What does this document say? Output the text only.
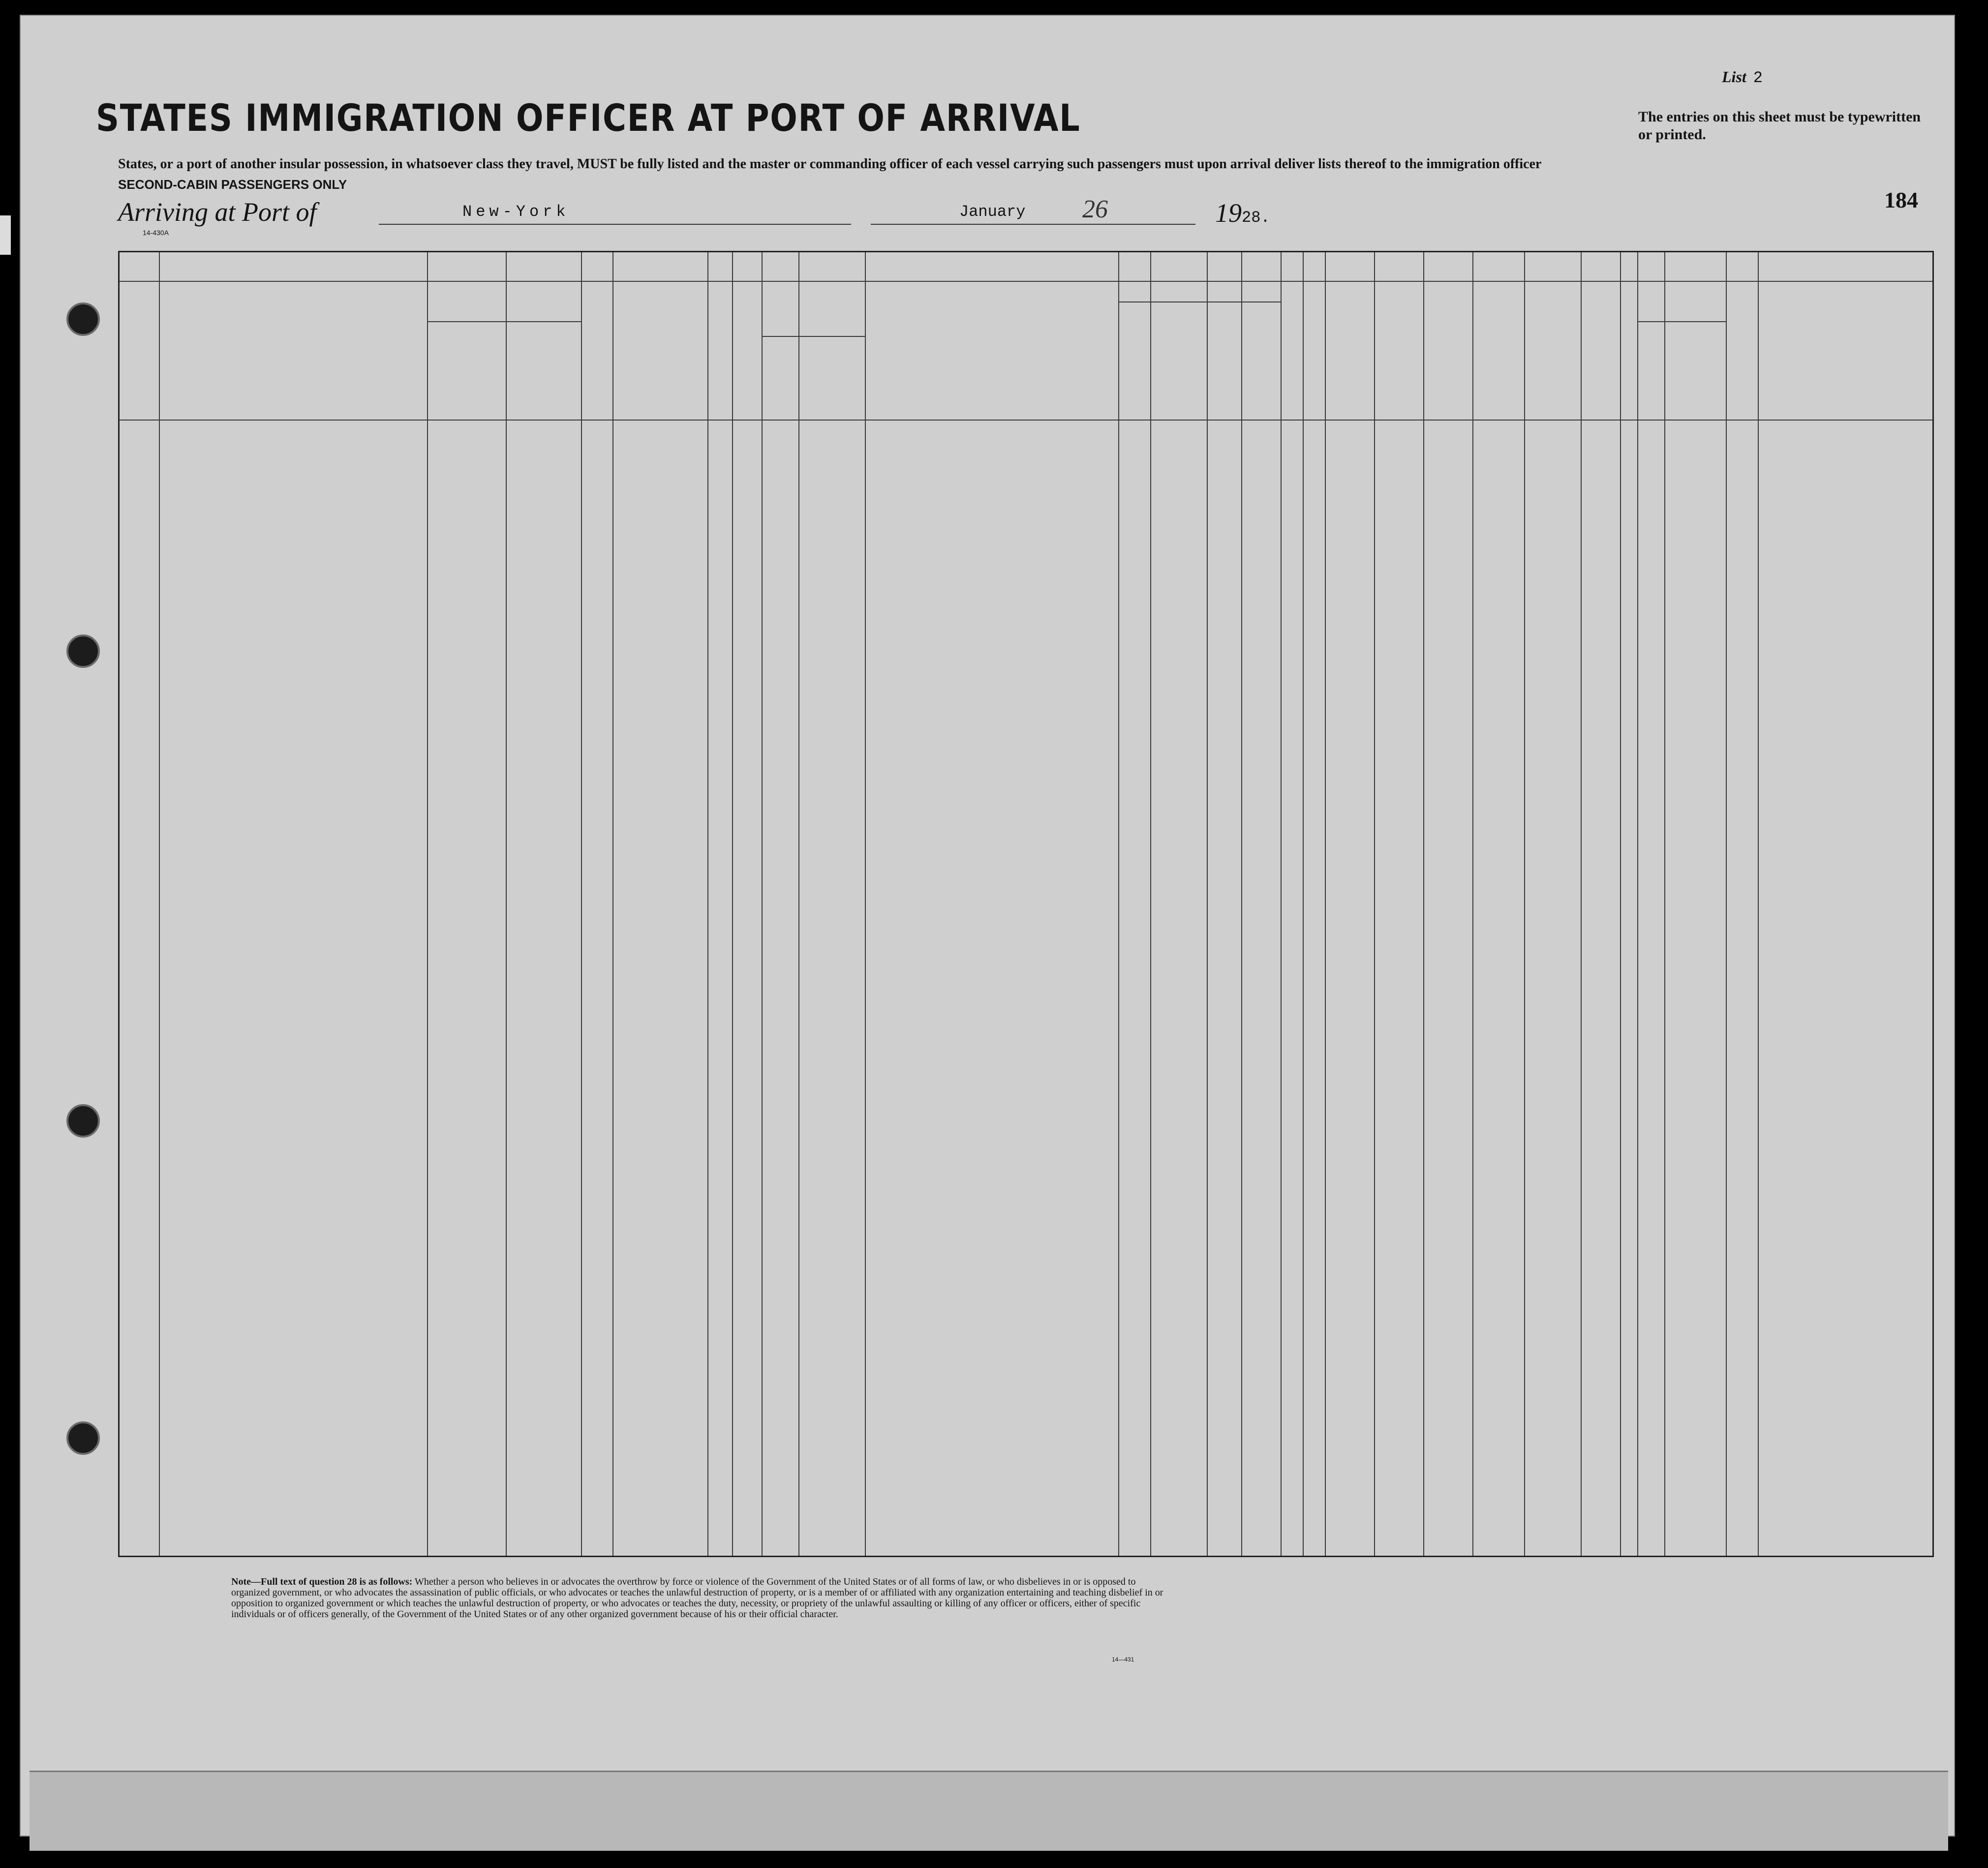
List 2
STATES IMMIGRATION OFFICER AT PORT OF ARRIVAL	The entries on this sheet must be typewritten or printed.
States, or a port of another insular possession, in whatsoever class they travel, MUST be fully listed and the master or commanding officer of each vessel carrying such passengers must upon arrival deliver lists thereof to the immigration officer
SECOND-CABIN PASSENGERS ONLY
184
Arriving at Port of	New-York	January 26	1928.
14-430A
Note—Full text of question 28 is as follows: Whether a person who believes in or advocates the overthrow by force or violence of the Government of the United States or of all forms of law, or who disbelieves in or is opposed to organized government, or who advocates the assassination of public officials, or who advocates or teaches the unlawful destruction of property, or is a member of or affiliated with any organization entertaining and teaching disbelief in or opposition to organized government or which teaches the unlawful destruction of property, or who advocates or teaches the duty, necessity, or propriety of the unlawful assaulting or killing of any officer or officers, either of specific individuals or of officers generally, of the Government of the United States or of any other organized government because of his or their official character.
14—431
